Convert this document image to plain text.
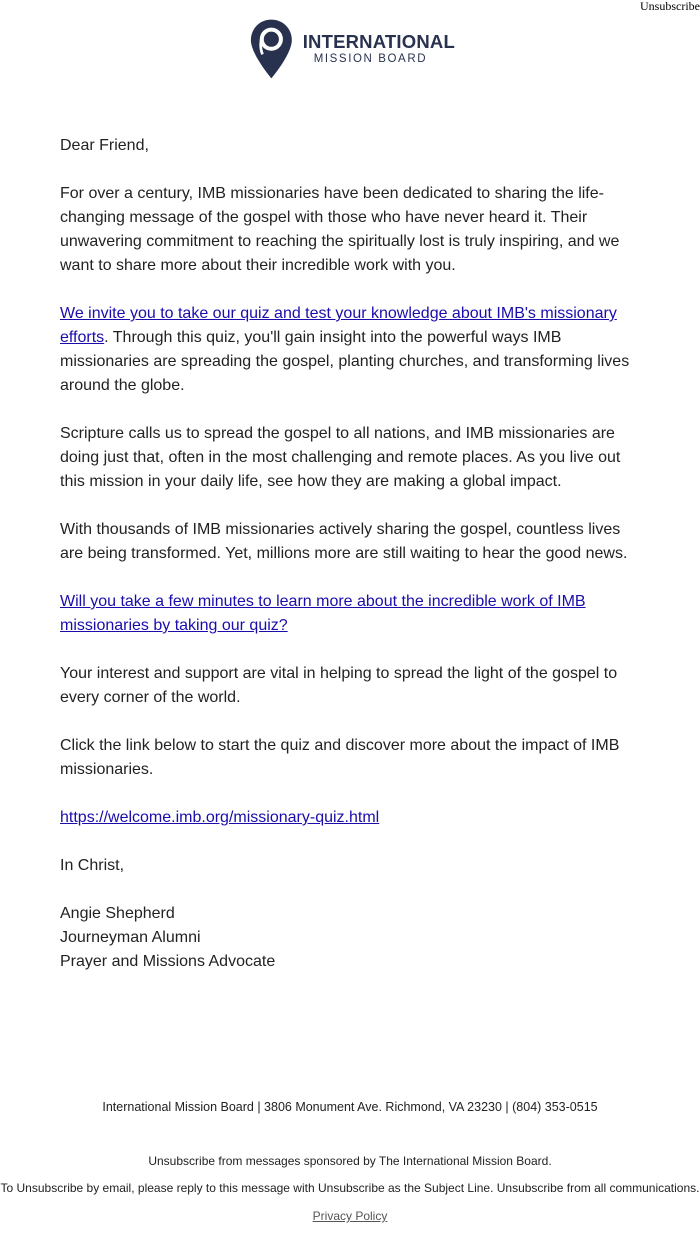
Unsubscribe
INTERNATIONAL
MISSION BOARD

Dear Friend,

For over a century, IMB missionaries have been dedicated to sharing the life-changing message of the gospel with those who have never heard it. Their unwavering commitment to reaching the spiritually lost is truly inspiring, and we want to share more about their incredible work with you.

We invite you to take our quiz and test your knowledge about IMB's missionary efforts. Through this quiz, you'll gain insight into the powerful ways IMB missionaries are spreading the gospel, planting churches, and transforming lives around the globe.

Scripture calls us to spread the gospel to all nations, and IMB missionaries are doing just that, often in the most challenging and remote places. As you live out this mission in your daily life, see how they are making a global impact.

With thousands of IMB missionaries actively sharing the gospel, countless lives are being transformed. Yet, millions more are still waiting to hear the good news.

Will you take a few minutes to learn more about the incredible work of IMB missionaries by taking our quiz?

Your interest and support are vital in helping to spread the light of the gospel to every corner of the world.

Click the link below to start the quiz and discover more about the impact of IMB missionaries.

https://welcome.imb.org/missionary-quiz.html

In Christ,

Angie Shepherd

Journeyman Alumni

Prayer and Missions Advocate

International Mission Board | 3806 Monument Ave. Richmond, VA 23230 | (804) 353-0515
Unsubscribe from messages sponsored by The International Mission Board.
To Unsubscribe by email, please reply to this message with Unsubscribe as the Subject Line. Unsubscribe from all communications.
Privacy Policy
